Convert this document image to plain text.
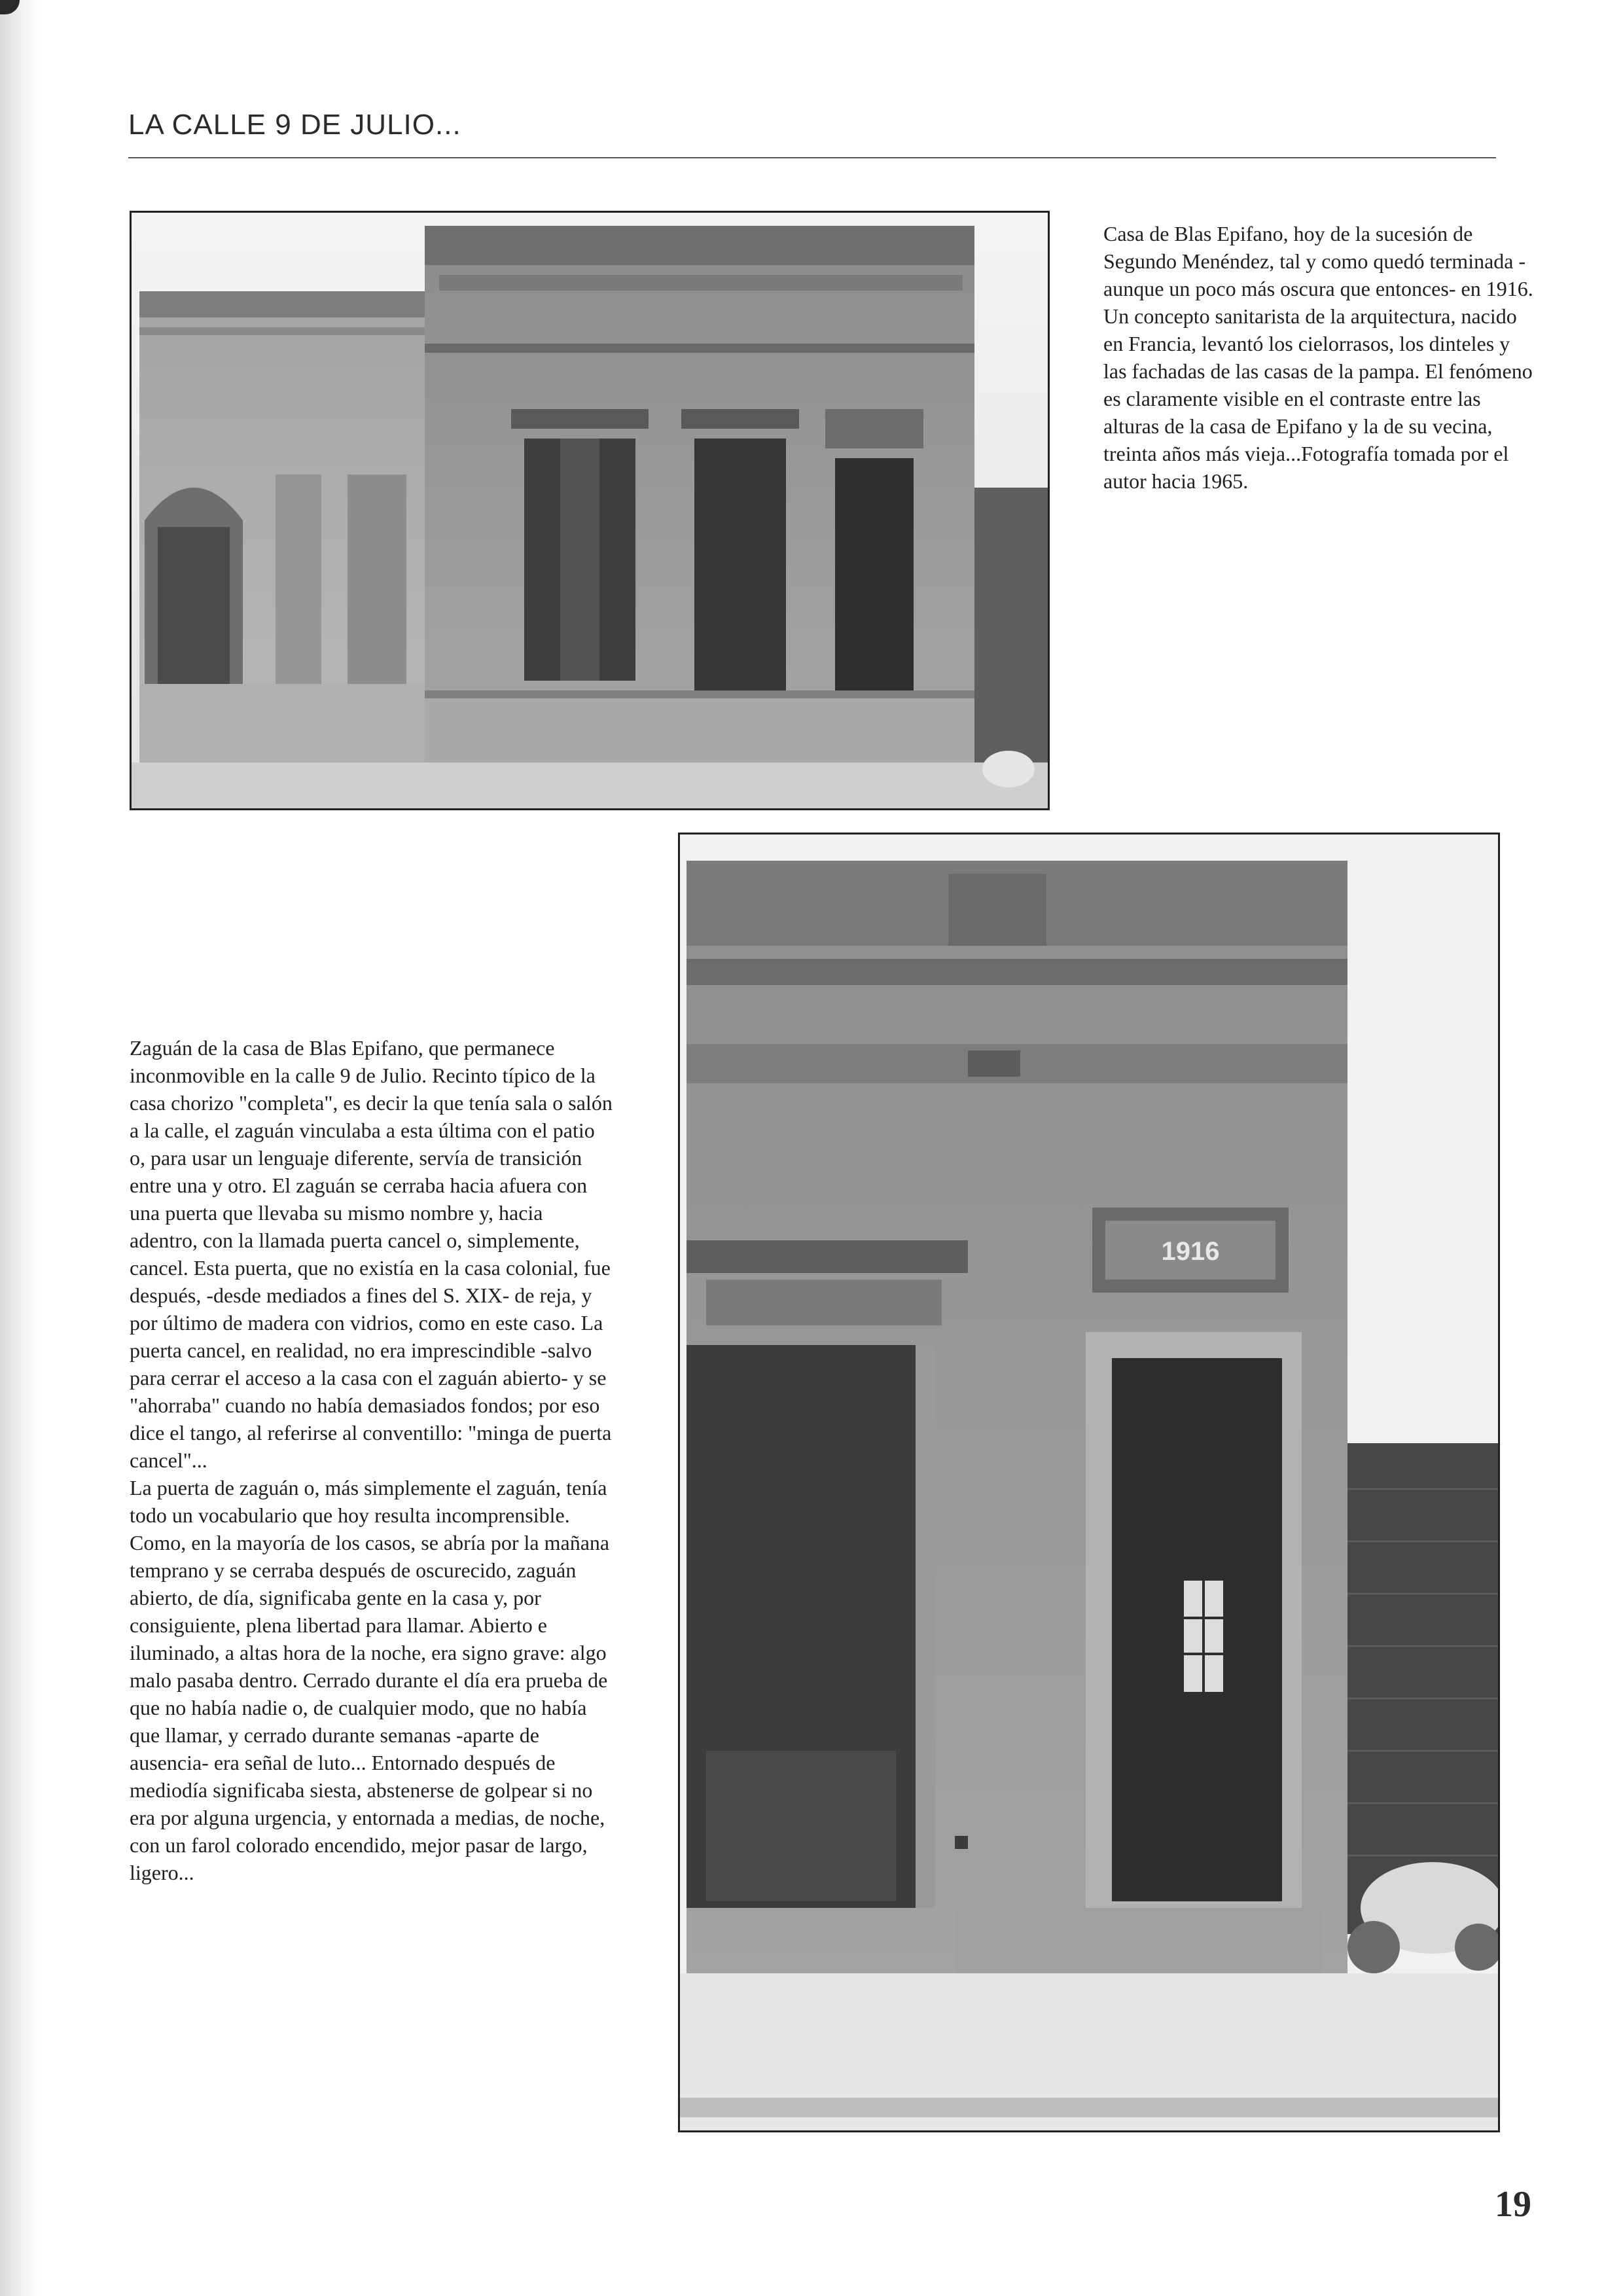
LA CALLE 9 DE JULIO...

Casa de Blas Epifano, hoy de la sucesión de Segundo Menéndez, tal y como quedó terminada -aunque un poco más oscura que entonces- en 1916. Un concepto sanitarista de la arquitectura, nacido en Francia, levantó los cielorrasos, los dinteles y las fachadas de las casas de la pampa. El fenómeno es claramente visible en el contraste entre las alturas de la casa de Epifano y la de su vecina, treinta años más vieja...Fotografía tomada por el autor hacia 1965.

1916

Zaguán de la casa de Blas Epifano, que permanece inconmovible en la calle 9 de Julio. Recinto típico de la casa chorizo "completa", es decir la que tenía sala o salón a la calle, el zaguán vinculaba a esta última con el patio o, para usar un lenguaje diferente, servía de transición entre una y otro. El zaguán se cerraba hacia afuera con una puerta que llevaba su mismo nombre y, hacia adentro, con la llamada puerta cancel o, simplemente, cancel. Esta puerta, que no existía en la casa colonial, fue después, -desde mediados a fines del S. XIX- de reja, y por último de madera con vidrios, como en este caso. La puerta cancel, en realidad, no era imprescindible -salvo para cerrar el acceso a la casa con el zaguán abierto- y se "ahorraba" cuando no había demasiados fondos; por eso dice el tango, al referirse al conventillo: "minga de puerta cancel"...

La puerta de zaguán o, más simplemente el zaguán, tenía todo un vocabulario que hoy resulta incomprensible. Como, en la mayoría de los casos, se abría por la mañana temprano y se cerraba después de oscurecido, zaguán abierto, de día, significaba gente en la casa y, por consiguiente, plena libertad para llamar. Abierto e iluminado, a altas hora de la noche, era signo grave: algo malo pasaba dentro. Cerrado durante el día era prueba de que no había nadie o, de cualquier modo, que no había que llamar, y cerrado durante semanas -aparte de ausencia- era señal de luto... Entornado después de mediodía significaba siesta, abstenerse de golpear si no era por alguna urgencia, y entornada a medias, de noche, con un farol colorado encendido, mejor pasar de largo, ligero...

19
